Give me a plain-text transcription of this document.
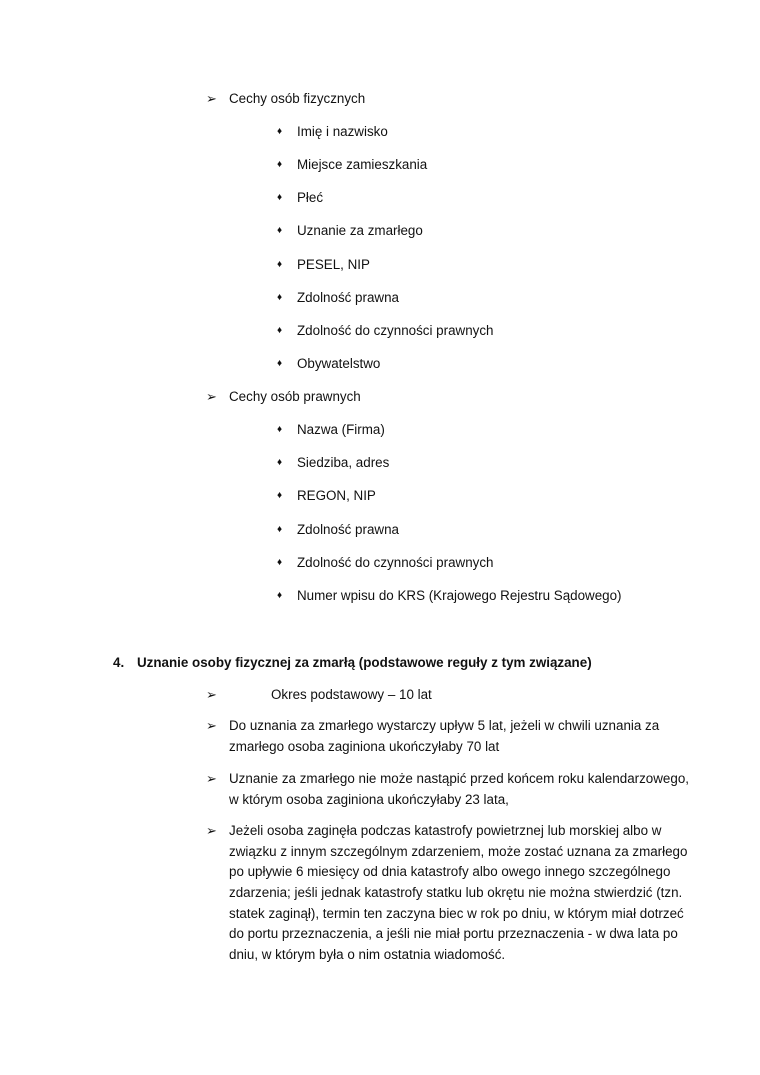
➢ Cechy osób fizycznych
♦ Imię i nazwisko
♦ Miejsce zamieszkania
♦ Płeć
♦ Uznanie za zmarłego
♦ PESEL, NIP
♦ Zdolność prawna
♦ Zdolność do czynności prawnych
♦ Obywatelstwo
➢ Cechy osób prawnych
♦ Nazwa (Firma)
♦ Siedziba, adres
♦ REGON, NIP
♦ Zdolność prawna
♦ Zdolność do czynności prawnych
♦ Numer wpisu do KRS (Krajowego Rejestru Sądowego)
4. Uznanie osoby fizycznej za zmarłą (podstawowe reguły z tym związane)
➢	Okres podstawowy – 10 lat
➢ Do uznania za zmarłego wystarczy upływ 5 lat, jeżeli w chwili uznania za
zmarłego osoba zaginiona ukończyłaby 70 lat
➢ Uznanie za zmarłego nie może nastąpić przed końcem roku kalendarzowego,
w którym osoba zaginiona ukończyłaby 23 lata,
➢ Jeżeli osoba zaginęła podczas katastrofy powietrznej lub morskiej albo w
związku z innym szczególnym zdarzeniem, może zostać uznana za zmarłego
po upływie 6 miesięcy od dnia katastrofy albo owego innego szczególnego
zdarzenia; jeśli jednak katastrofy statku lub okrętu nie można stwierdzić (tzn.
statek zaginął), termin ten zaczyna biec w rok po dniu, w którym miał dotrzeć
do portu przeznaczenia, a jeśli nie miał portu przeznaczenia - w dwa lata po
dniu, w którym była o nim ostatnia wiadomość.
